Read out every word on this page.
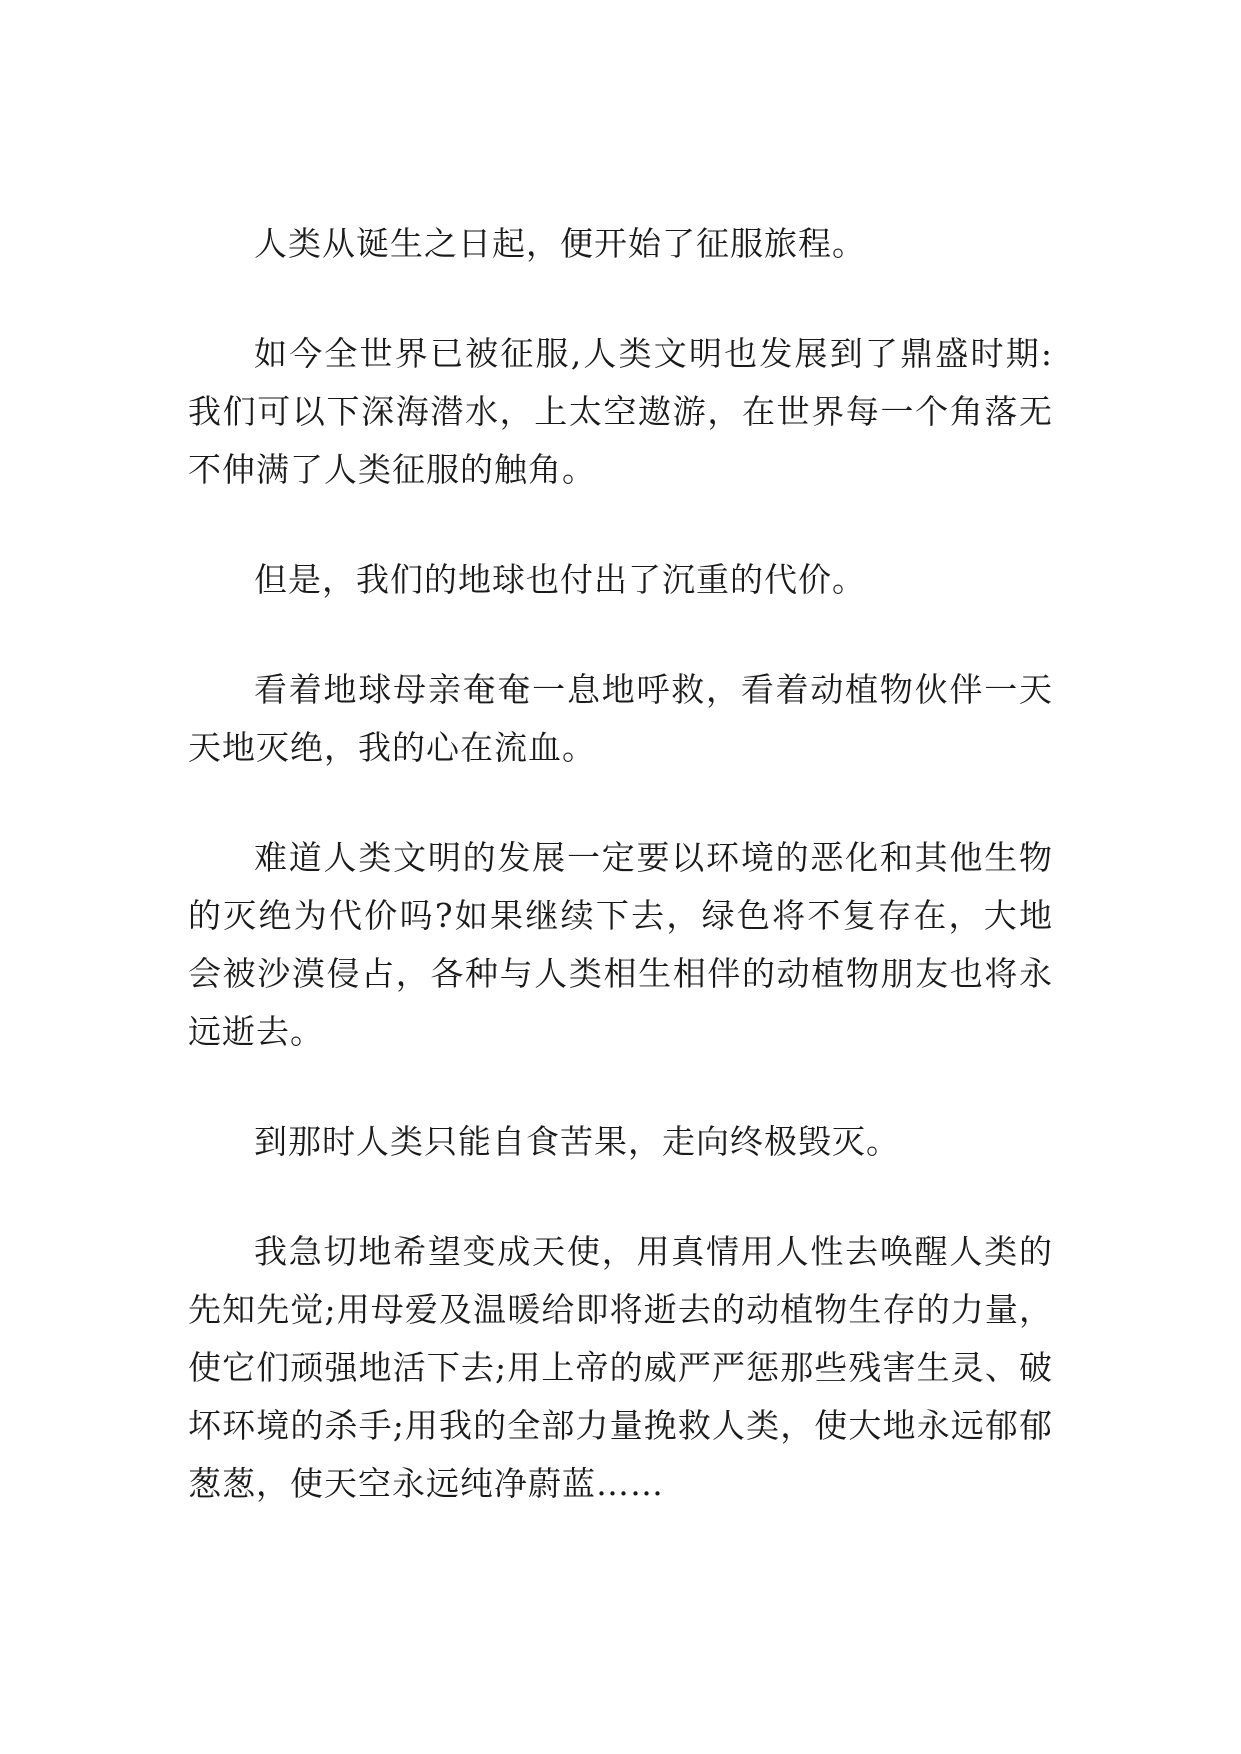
人类从诞生之日起，便开始了征服旅程。

如今全世界已被征服,人类文明也发展到了鼎盛时期:我们可以下深海潜水，上太空遨游，在世界每一个角落无不伸满了人类征服的触角。

但是，我们的地球也付出了沉重的代价。

看着地球母亲奄奄一息地呼救，看着动植物伙伴一天天地灭绝，我的心在流血。

难道人类文明的发展一定要以环境的恶化和其他生物的灭绝为代价吗?如果继续下去，绿色将不复存在，大地会被沙漠侵占，各种与人类相生相伴的动植物朋友也将永远逝去。

到那时人类只能自食苦果，走向终极毁灭。

我急切地希望变成天使，用真情用人性去唤醒人类的先知先觉;用母爱及温暖给即将逝去的动植物生存的力量，使它们顽强地活下去;用上帝的威严严惩那些残害生灵、破坏环境的杀手;用我的全部力量挽救人类，使大地永远郁郁葱葱，使天空永远纯净蔚蓝……
